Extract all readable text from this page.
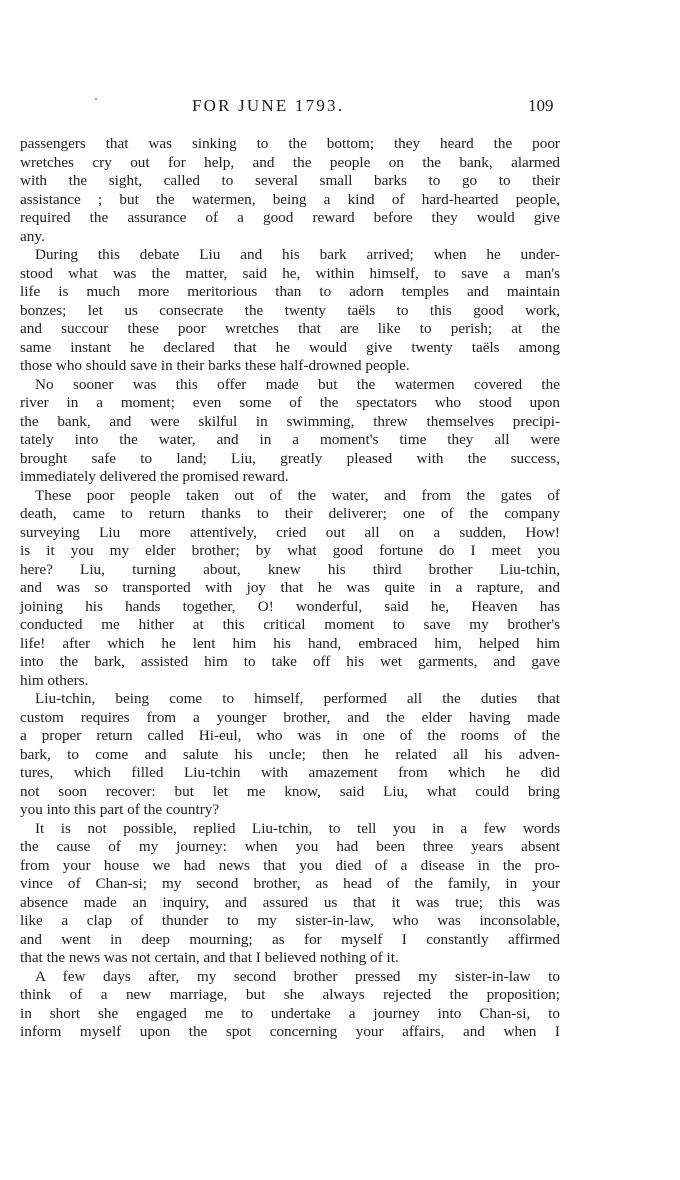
FOR JUNE 1793.	109
passengers that was sinking to the bottom; they heard the poor
wretches cry out for help, and the people on the bank, alarmed
with the sight, called to several small barks to go to their
assistance ; but the watermen, being a kind of hard-hearted people,
required the assurance of a good reward before they would give
any.
During this debate Liu and his bark arrived; when he under-
stood what was the matter, said he, within himself, to save a man's
life is much more meritorious than to adorn temples and maintain
bonzes; let us consecrate the twenty taëls to this good work,
and succour these poor wretches that are like to perish; at the
same instant he declared that he would give twenty taëls among
those who should save in their barks these half-drowned people.
No sooner was this offer made but the watermen covered the
river in a moment; even some of the spectators who stood upon
the bank, and were skilful in swimming, threw themselves precipi-
tately into the water, and in a moment's time they all were
brought safe to land; Liu, greatly pleased with the success,
immediately delivered the promised reward.
These poor people taken out of the water, and from the gates of
death, came to return thanks to their deliverer; one of the company
surveying Liu more attentively, cried out all on a sudden, How!
is it you my elder brother; by what good fortune do I meet you
here? Liu, turning about, knew his third brother Liu-tchin,
and was so transported with joy that he was quite in a rapture, and
joining his hands together, O! wonderful, said he, Heaven has
conducted me hither at this critical moment to save my brother's
life! after which he lent him his hand, embraced him, helped him
into the bark, assisted him to take off his wet garments, and gave
him others.
Liu-tchin, being come to himself, performed all the duties that
custom requires from a younger brother, and the elder having made
a proper return called Hi-eul, who was in one of the rooms of the
bark, to come and salute his uncle; then he related all his adven-
tures, which filled Liu-tchin with amazement from which he did
not soon recover: but let me know, said Liu, what could bring
you into this part of the country?
It is not possible, replied Liu-tchin, to tell you in a few words
the cause of my journey: when you had been three years absent
from your house we had news that you died of a disease in the pro-
vince of Chan-si; my second brother, as head of the family, in your
absence made an inquiry, and assured us that it was true; this was
like a clap of thunder to my sister-in-law, who was inconsolable,
and went in deep mourning; as for myself I constantly affirmed
that the news was not certain, and that I believed nothing of it.
A few days after, my second brother pressed my sister-in-law to
think of a new marriage, but she always rejected the proposition;
in short she engaged me to undertake a journey into Chan-si, to
inform myself upon the spot concerning your affairs, and when I
